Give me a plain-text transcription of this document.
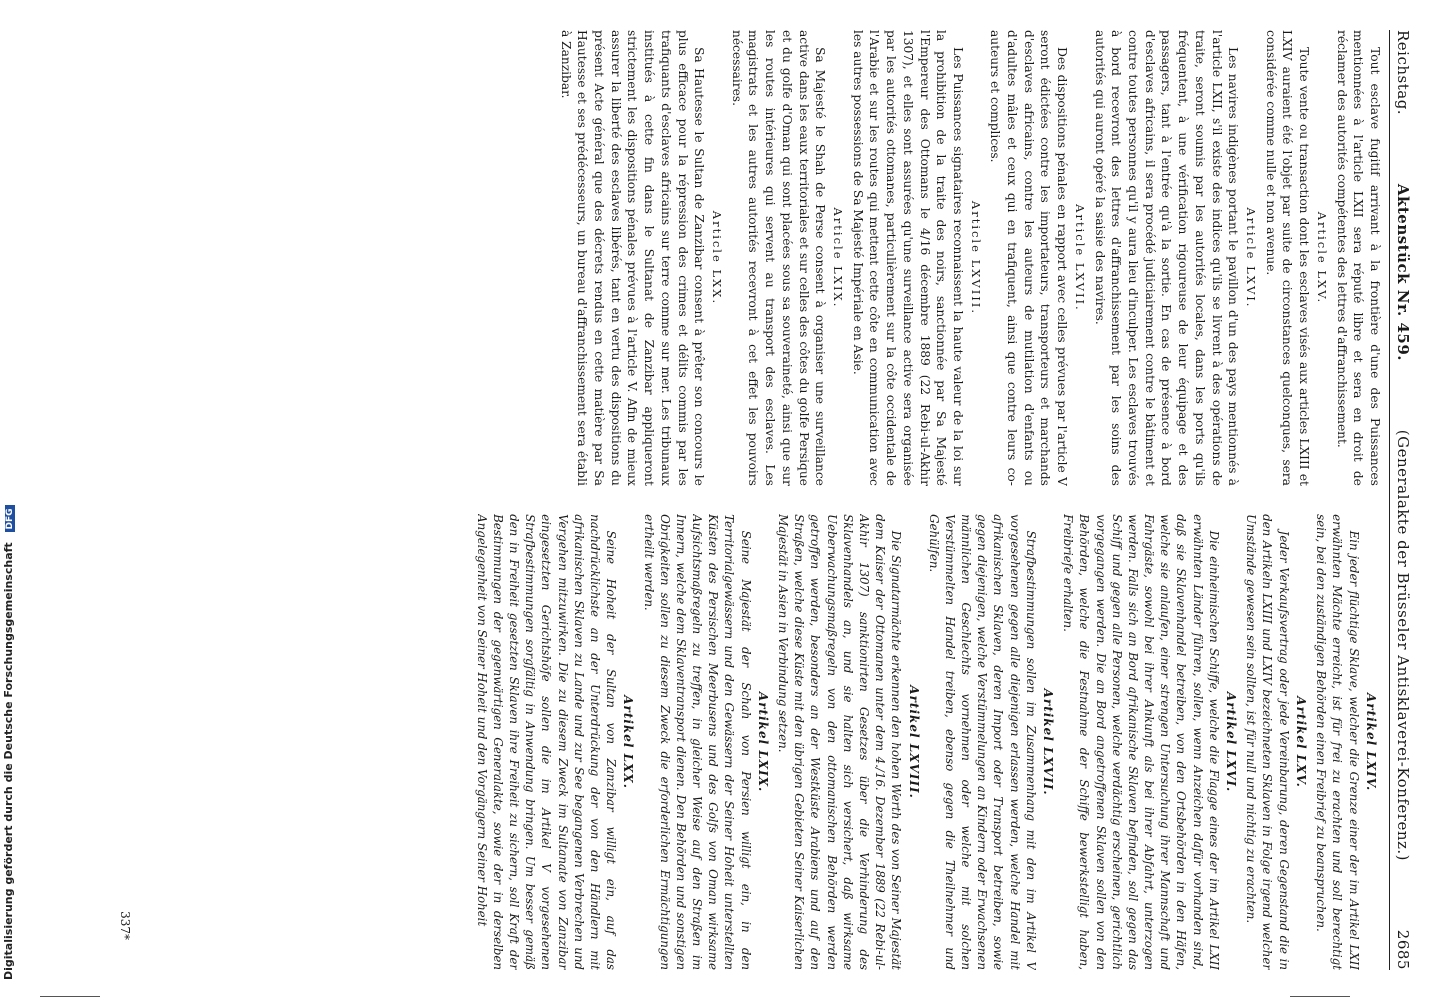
Reichstag.
Aktenstück Nr. 459.
(Generalakte der Brüsseler Antisklaverei-Konferenz.)
2685

Tout esclave fugitif arrivant à la frontière d'une des Puissances mentionnées à l'article LXII sera réputé libre et sera en droit de réclamer des autorités compétentes des lettres d'affranchissement.

Article LXV.

Toute vente ou transaction dont les esclaves visés aux articles LXIII et LXIV auraient été l'objet par suite de circonstances quelconques, sera considérée comme nulle et non avenue.

Article LXVI.

Les navires indigènes portant le pavillon d'un des pays mentionnés à l'article LXII, s'il existe des indices qu'ils se livrent à des opérations de traite, seront soumis par les autorités locales, dans les ports qu'ils fréquentent, à une vérification rigoureuse de leur équipage et des passagers, tant à l'entrée qu'à la sortie. En cas de présence à bord d'esclaves africains, il sera procédé judiciairement contre le bâtiment et contre toutes personnes qu'il y aura lieu d'inculper. Les esclaves trouvés à bord recevront des lettres d'affranchissement par les soins des autorités qui auront opéré la saisie des navires.

Article LXVII.

Des dispositions pénales en rapport avec celles prévues par l'article V seront édictées contre les importateurs, transporteurs et marchands d'esclaves africains, contre les auteurs de mutilation d'enfants ou d'adultes mâles et ceux qui en trafiquent, ainsi que contre leurs co-auteurs et complices.

Article LXVIII.

Les Puissances signataires reconnaissent la haute valeur de la loi sur la prohibition de la traite des noirs, sanctionnée par Sa Majesté l'Empereur des Ottomans le 4/16 décembre 1889 (22 Rebi-ul-Akhir 1307), et elles sont assurées qu'une surveillance active sera organisée par les autorités ottomanes, particulièrement sur la côte occidentale de l'Arabie et sur les routes qui mettent cette côte en communication avec les autres possessions de Sa Majesté Impériale en Asie.

Article LXIX.

Sa Majesté le Shah de Perse consent à organiser une surveillance active dans les eaux territoriales et sur celles des côtes du golfe Persique et du golfe d'Oman qui sont placées sous sa souveraineté, ainsi que sur les routes intérieures qui servent au transport des esclaves. Les magistrats et les autres autorités recevront à cet effet les pouvoirs nécessaires.

Article LXX.

Sa Hautesse le Sultan de Zanzibar consent à prêter son concours le plus efficace pour la répression des crimes et délits commis par les trafiquants d'esclaves africains sur terre comme sur mer. Les tribunaux institués à cette fin dans le Sultanat de Zanzibar appliqueront strictement les dispositions pénales prévues à l'article V. Afin de mieux assurer la liberté des esclaves libérés, tant en vertu des dispositions du présent Acte général que des décrets rendus en cette matière par Sa Hautesse et ses prédécesseurs, un bureau d'affranchissement sera établi à Zanzibar.

Artikel LXIV.

Ein jeder flüchtige Sklave, welcher die Grenze einer der im Artikel LXII erwähnten Mächte erreicht, ist für frei zu erachten und soll berechtigt sein, bei den zuständigen Behörden einen Freibrief zu beanspruchen.

Artikel LXV.

Jeder Verkaufsvertrag oder jede Vereinbarung, deren Gegenstand die in den Artikeln LXIII und LXIV bezeichneten Sklaven in Folge irgend welcher Umstände gewesen sein sollten, ist für null und nichtig zu erachten.

Artikel LXVI.

Die einheimischen Schiffe, welche die Flagge eines der im Artikel LXII erwähnten Länder führen, sollen, wenn Anzeichen dafür vorhanden sind, daß sie Sklavenhandel betreiben, von den Ortsbehörden in den Häfen, welche sie anlaufen, einer strengen Untersuchung ihrer Mannschaft und Fahrgäste, sowohl bei ihrer Ankunft als bei ihrer Abfahrt, unterzogen werden. Falls sich an Bord afrikanische Sklaven befinden, soll gegen das Schiff und gegen alle Personen, welche verdächtig erscheinen, gerichtlich vorgegangen werden. Die an Bord angetroffenen Sklaven sollen von den Behörden, welche die Festnahme der Schiffe bewerkstelligt haben, Freibriefe erhalten.

Artikel LXVII.

Strafbestimmungen sollen im Zusammenhang mit den im Artikel V vorgesehenen gegen alle diejenigen erlassen werden, welche Handel mit afrikanischen Sklaven, deren Import oder Transport betreiben, sowie gegen diejenigen, welche Verstümmelungen an Kindern oder Erwachsenen männlichen Geschlechts vornehmen oder welche mit solchen Verstümmelten Handel treiben, ebenso gegen die Theilnehmer und Gehülfen.

Artikel LXVIII.

Die Signatarmächte erkennen den hohen Werth des von Seiner Majestät dem Kaiser der Ottomanen unter dem 4./16. Dezember 1889 (22 Rebi-ul-Akhir 1307) sanktionirten Gesetzes über die Verhinderung des Sklavenhandels an, und sie halten sich versichert, daß wirksame Ueberwachungsmaßregeln von den ottomanischen Behörden werden getroffen werden, besonders an der Westküste Arabiens und auf den Straßen, welche diese Küste mit den übrigen Gebieten Seiner Kaiserlichen Majestät in Asien in Verbindung setzen.

Artikel LXIX.

Seine Majestät der Schah von Persien willigt ein, in den Territorialgewässern und den Gewässern der Seiner Hoheit unterstellten Küsten des Persischen Meerbusens und des Golfs von Oman wirksame Aufsichtsmaßregeln zu treffen, in gleicher Weise auf den Straßen im Innern, welche dem Sklaventransport dienen. Den Behörden und sonstigen Obrigkeiten sollen zu diesem Zweck die erforderlichen Ermächtigungen ertheilt werden.

Artikel LXX.

Seine Hoheit der Sultan von Zanzibar willigt ein, auf das nachdrücklichste an der Unterdrückung der von den Händlern mit afrikanischen Sklaven zu Lande und zur See begangenen Verbrechen und Vergehen mitzuwirken. Die zu diesem Zweck im Sultanate von Zanzibar eingesetzten Gerichtshöfe sollen die im Artikel V vorgesehenen Strafbestimmungen sorgfältig in Anwendung bringen. Um besser gemäß den in Freiheit gesetzten Sklaven ihre Freiheit zu sichern, soll Kraft der Bestimmungen der gegenwärtigen Generalakte, sowie der in derselben Angelegenheit von Seiner Hoheit und den Vorgängern Seiner Hoheit

337*
Digitalisierung gefördert durch die Deutsche Forschungsgemeinschaft DFG
